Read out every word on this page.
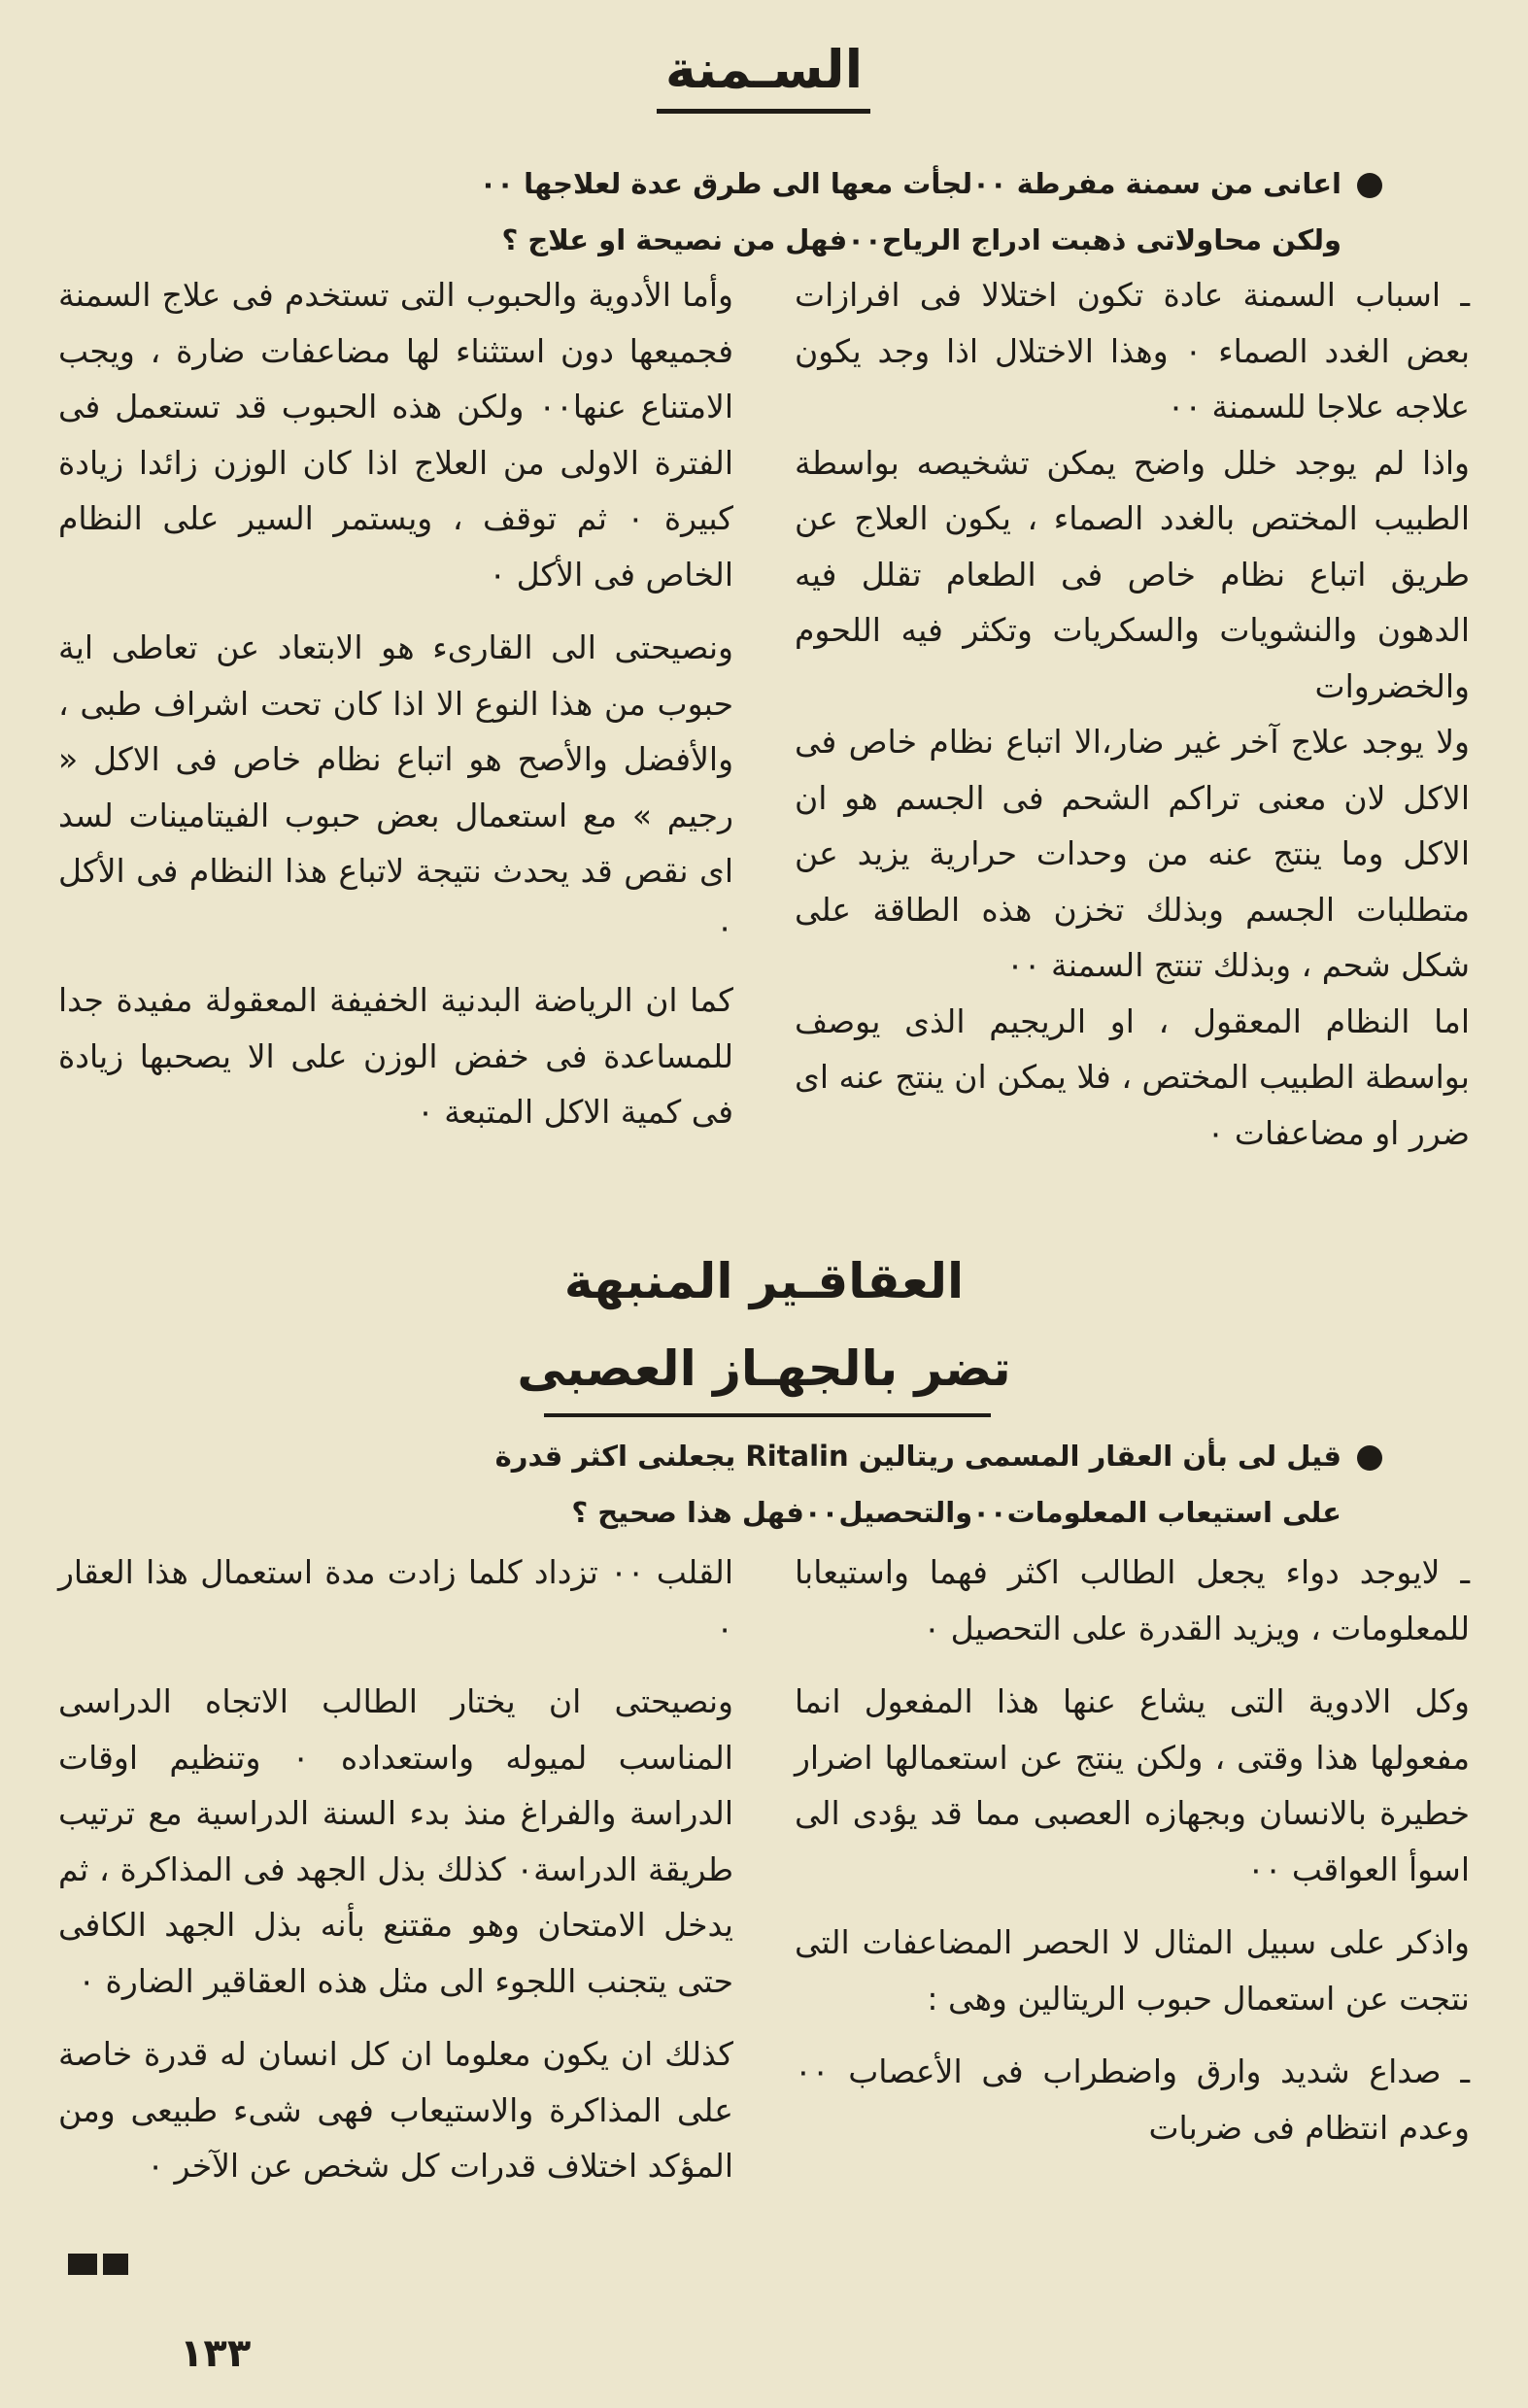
السـمنة
اعانى من سمنة مفرطة ٠٠لجأت معها الى طرق عدة لعلاجها ٠٠
ولكن محاولاتى ذهبت ادراج الرياح٠٠فهل من نصيحة او علاج ؟

ـ اسباب السمنة عادة تكون اختلالا فى افرازات بعض الغدد الصماء ٠ وهذا الاختلال اذا وجد يكون علاجه علاجا للسمنة ٠٠

واذا لم يوجد خلل واضح يمكن تشخيصه بواسطة الطبيب المختص بالغدد الصماء ، يكون العلاج عن طريق اتباع نظام خاص فى الطعام تقلل فيه الدهون والنشويات والسكريات وتكثر فيه اللحوم والخضروات

ولا يوجد علاج آخر غير ضار،الا اتباع نظام خاص فى الاكل لان معنى تراكم الشحم فى الجسم هو ان الاكل وما ينتج عنه من وحدات حرارية يزيد عن متطلبات الجسم وبذلك تخزن هذه الطاقة على شكل شحم ، وبذلك تنتج السمنة ٠٠

اما النظام المعقول ، او الريجيم الذى يوصف بواسطة الطبيب المختص ، فلا يمكن ان ينتج عنه اى ضرر او مضاعفات ٠

وأما الأدوية والحبوب التى تستخدم فى علاج السمنة فجميعها دون استثناء لها مضاعفات ضارة ، ويجب الامتناع عنها٠٠ ولكن هذه الحبوب قد تستعمل فى الفترة الاولى من العلاج اذا كان الوزن زائدا زيادة كبيرة ٠ ثم توقف ، ويستمر السير على النظام الخاص فى الأكل ٠

ونصيحتى الى القارىء هو الابتعاد عن تعاطى اية حبوب من هذا النوع الا اذا كان تحت اشراف طبى ، والأفضل والأصح هو اتباع نظام خاص فى الاكل « رجيم » مع استعمال بعض حبوب الفيتامينات لسد اى نقص قد يحدث نتيجة لاتباع هذا النظام فى الأكل ٠

كما ان الرياضة البدنية الخفيفة المعقولة مفيدة جدا للمساعدة فى خفض الوزن على الا يصحبها زيادة فى كمية الاكل المتبعة ٠

العقاقـير المنبهة
تضر بالجهـاز العصبى
قيل لى بأن العقار المسمى ريتالين Ritalin يجعلنى اكثر قدرة
على استيعاب المعلومات٠٠والتحصيل٠٠فهل هذا صحيح ؟

ـ لايوجد دواء يجعل الطالب اكثر فهما واستيعابا للمعلومات ، ويزيد القدرة على التحصيل ٠

وكل الادوية التى يشاع عنها هذا المفعول انما مفعولها هذا وقتى ، ولكن ينتج عن استعمالها اضرار خطيرة بالانسان وبجهازه العصبى مما قد يؤدى الى اسوأ العواقب ٠٠

واذكر على سبيل المثال لا الحصر المضاعفات التى نتجت عن استعمال حبوب الريتالين وهى :

ـ صداع شديد وارق واضطراب فى الأعصاب ٠٠ وعدم انتظام فى ضربات

القلب ٠٠ تزداد كلما زادت مدة استعمال هذا العقار ٠

ونصيحتى ان يختار الطالب الاتجاه الدراسى المناسب لميوله واستعداده ٠ وتنظيم اوقات الدراسة والفراغ منذ بدء السنة الدراسية مع ترتيب طريقة الدراسة٠ كذلك بذل الجهد فى المذاكرة ، ثم يدخل الامتحان وهو مقتنع بأنه بذل الجهد الكافى حتى يتجنب اللجوء الى مثل هذه العقاقير الضارة ٠

كذلك ان يكون معلوما ان كل انسان له قدرة خاصة على المذاكرة والاستيعاب فهى شىء طبيعى ومن المؤكد اختلاف قدرات كل شخص عن الآخر ٠

١٣٣
